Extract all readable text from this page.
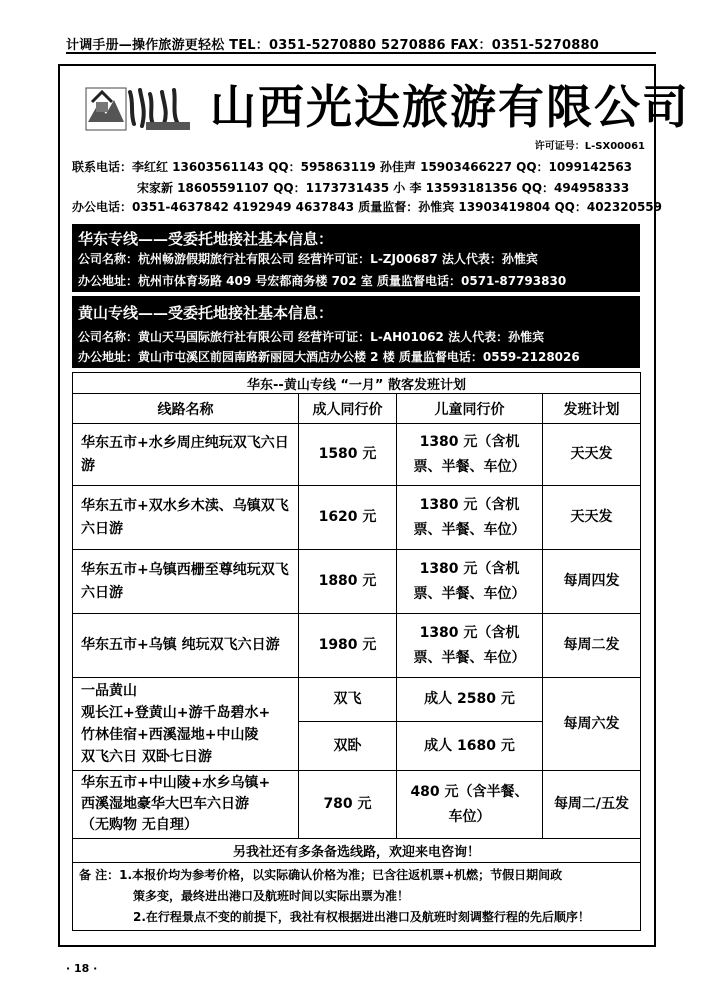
计调手册—操作旅游更轻松 TEL：0351-5270880 5270886 FAX：0351-5270880
山西光达旅游有限公司
许可证号：L-SX00061
联系电话：李红红 13603561143 QQ：595863119 孙佳声 15903466227 QQ：1099142563
宋家新 18605591107 QQ：1173731435 小 李 13593181356 QQ：494958333
办公电话：0351-4637842 4192949 4637843 质量监督：孙惟宾 13903419804 QQ：402320559
华东专线——受委托地接社基本信息：
公司名称：杭州畅游假期旅行社有限公司 经营许可证：L-ZJ00687 法人代表：孙惟宾
办公地址：杭州市体育场路 409 号宏都商务楼 702 室 质量监督电话：0571-87793830
黄山专线——受委托地接社基本信息：
公司名称：黄山天马国际旅行社有限公司 经营许可证：L-AH01062 法人代表：孙惟宾
办公地址：黄山市屯溪区前园南路新丽园大酒店办公楼 2 楼 质量监督电话：0559-2128026
华东--黄山专线 “一月” 散客发班计划			
线路名称	成人同行价	儿童同行价	发班计划
华东五市+水乡周庄纯玩双飞六日游	1580 元	1380 元（含机票、半餐、车位）	天天发
华东五市+双水乡木渎、乌镇双飞六日游	1620 元	1380 元（含机票、半餐、车位）	天天发
华东五市+乌镇西栅至尊纯玩双飞六日游	1880 元	1380 元（含机票、半餐、车位）	每周四发
华东五市+乌镇 纯玩双飞六日游	1980 元	1380 元（含机票、半餐、车位）	每周二发
一品黄山
观长江+登黄山+游千岛碧水+
竹林佳宿+西溪湿地+中山陵
双飞六日 双卧七日游	双飞	成人 2580 元	每周六发
	双卧	成人 1680 元	
华东五市+中山陵+水乡乌镇+
西溪湿地豪华大巴车六日游
（无购物 无自理）	780 元	480 元（含半餐、车位）	每周二/五发
另我社还有多条备选线路，欢迎来电咨询！			
备 注：1.本报价均为参考价格，以实际确认价格为准；已含往返机票+机燃；节假日期间政

策多变，最终进出港口及航班时间以实际出票为准！
2.在行程景点不变的前提下，我社有权根据进出港口及航班时刻调整行程的先后顺序！			
· 18 ·
